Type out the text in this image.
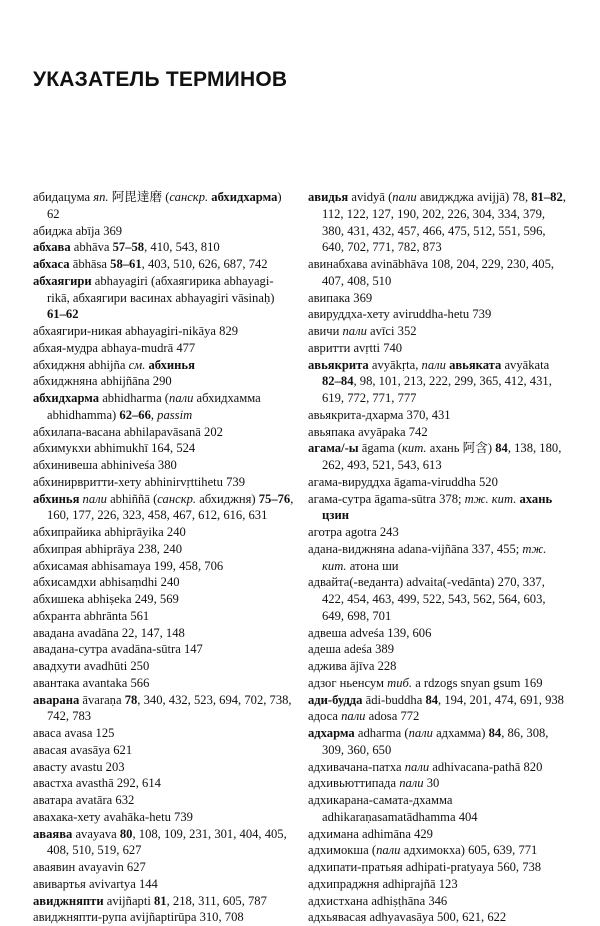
УКАЗАТЕЛЬ ТЕРМИНОВ

абидацума яп. 阿毘達磨 (санскр. абхидхарма) 62

абиджа abīja 369

абхава abhāva 57–58, 410, 543, 810

абхаса ābhāsa 58–61, 403, 510, 626, 687, 742

абхаягири abhayagiri (абхаягирика abhayagi-rikā, абхаягири васинах abhayagiri vāsinaḥ) 61–62

абхаягири-никая abhayagiri-nikāya 829

абхая-мудра abhaya-mudrā 477

абхиджня abhijña см. абхинья

абхиджняна abhijñāna 290

абхидхарма abhidharma (пали абхидхамма abhidhamma) 62–66, passim

абхилапа-васана abhilapavāsanā 202

абхимукхи abhimukhī 164, 524

абхинивеша abhiniveśa 380

абхинирвритти-хету abhinirvṛttihetu 739

абхинья пали abhiññā (санскр. абхиджня) 75–76, 160, 177, 226, 323, 458, 467, 612, 616, 631

абхипрайика abhiprāyika 240

абхипрая abhiprāya 238, 240

абхисамая abhisamaya 199, 458, 706

абхисамдхи abhisaṃdhi 240

абхишека abhiṣeka 249, 569

абхранта abhrānta 561

авадана avadāna 22, 147, 148

авадана-сутра avadāna-sūtra 147

авадхути avadhūti 250

авантака avantaka 566

аварана āvaraṇa 78, 340, 432, 523, 694, 702, 738, 742, 783

аваса avasa 125

авасая avasāya 621

авасту avastu 203

авастха avasthā 292, 614

аватара avatāra 632

авахака-хету avahāka-hetu 739

аваява avayava 80, 108, 109, 231, 301, 404, 405, 408, 510, 519, 627

аваявин avayavin 627

авивартья avivartya 144

авиджняпти avijñapti 81, 218, 311, 605, 787

авиджняпти-рупа avijñaptirūpa 310, 708

авидья avidyā (пали авиджджа avijjā) 78, 81–82, 112, 122, 127, 190, 202, 226, 304, 334, 379, 380, 431, 432, 457, 466, 475, 512, 551, 596, 640, 702, 771, 782, 873

авинабхава avinābhāva 108, 204, 229, 230, 405, 407, 408, 510

авипака 369

авируддха-хету aviruddha-hetu 739

авичи пали avīci 352

авритти avṛtti 740

авьякрита avyākṛta, пали авьяката avyākata 82–84, 98, 101, 213, 222, 299, 365, 412, 431, 619, 772, 771, 777

авьякрита-дхарма 370, 431

авьяпака avyāpaka 742

агама/-ы āgama (кит. ахань 阿含) 84, 138, 180, 262, 493, 521, 543, 613

агама-вируддха āgama-viruddha 520

агама-сутра āgama-sūtra 378; тж. кит. ахань цзин

аготра agotra 243

адана-виджняна adana-vijñāna 337, 455; тж. кит. атона ши

адвайта(-веданта) advaita(-vedānta) 270, 337, 422, 454, 463, 499, 522, 543, 562, 564, 603, 649, 698, 701

адвеша adveśa 139, 606

адеша adeśa 389

аджива ājīva 228

адзог ньенсум тиб. a rdzogs snyan gsum 169

ади-будда ādi-buddha 84, 194, 201, 474, 691, 938

адоса пали adosa 772

адхарма adharma (пали адхамма) 84, 86, 308, 309, 360, 650

адхивачана-патха пали adhivacana-pathā 820

адхивьюттипада пали 30

адхикарана-самата-дхамма adhikaraṇasamatādhamma 404

адхимана adhimāna 429

адхимокша (пали адхимокха) 605, 639, 771

адхипати-пратьяя adhipati-pratyaya 560, 738

адхипраджня adhiprajñā 123

адхистхана adhiṣṭhāna 346

адхьявасая adhyavasāya 500, 621, 622
